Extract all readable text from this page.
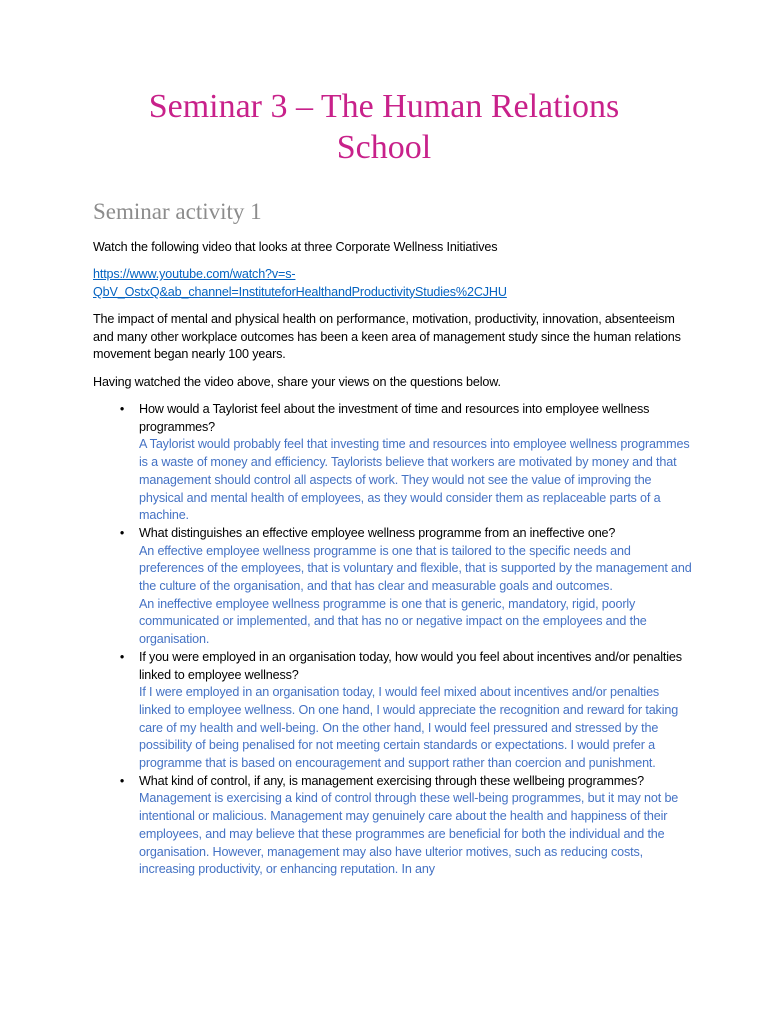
Seminar 3 – The Human Relations
School
Seminar activity 1

Watch the following video that looks at three Corporate Wellness Initiatives

https://www.youtube.com/watch?v=s-
QbV_OstxQ&ab_channel=InstituteforHealthandProductivityStudies%2CJHU

The impact of mental and physical health on performance, motivation, productivity, innovation, absenteeism and many other workplace outcomes has been a keen area of management study since the human relations movement began nearly 100 years.

Having watched the video above, share your views on the questions below.

• How would a Taylorist feel about the investment of time and resources into employee wellness programmes?
A Taylorist would probably feel that investing time and resources into employee wellness programmes is a waste of money and efficiency. Taylorists believe that workers are motivated by money and that management should control all aspects of work. They would not see the value of improving the physical and mental health of employees, as they would consider them as replaceable parts of a machine.
• What distinguishes an effective employee wellness programme from an ineffective one?
An effective employee wellness programme is one that is tailored to the specific needs and preferences of the employees, that is voluntary and flexible, that is supported by the management and the culture of the organisation, and that has clear and measurable goals and outcomes.
An ineffective employee wellness programme is one that is generic, mandatory, rigid, poorly communicated or implemented, and that has no or negative impact on the employees and the organisation.
• If you were employed in an organisation today, how would you feel about incentives and/or penalties linked to employee wellness?
If I were employed in an organisation today, I would feel mixed about incentives and/or penalties linked to employee wellness. On one hand, I would appreciate the recognition and reward for taking care of my health and well-being. On the other hand, I would feel pressured and stressed by the possibility of being penalised for not meeting certain standards or expectations. I would prefer a programme that is based on encouragement and support rather than coercion and punishment.
• What kind of control, if any, is management exercising through these wellbeing programmes?
Management is exercising a kind of control through these well-being programmes, but it may not be intentional or malicious. Management may genuinely care about the health and happiness of their employees, and may believe that these programmes are beneficial for both the individual and the organisation. However, management may also have ulterior motives, such as reducing costs, increasing productivity, or enhancing reputation. In any
